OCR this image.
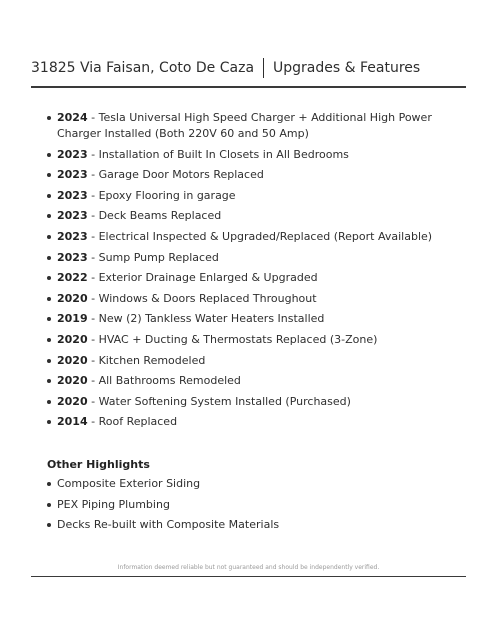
31825 Via Faisan, Coto De Caza Upgrades & Features
2024 - Tesla Universal High Speed Charger + Additional High Power Charger Installed (Both 220V 60 and 50 Amp)
2023 - Installation of Built In Closets in All Bedrooms
2023 - Garage Door Motors Replaced
2023 - Epoxy Flooring in garage
2023 - Deck Beams Replaced
2023 - Electrical Inspected & Upgraded/Replaced (Report Available)
2023 - Sump Pump Replaced
2022 - Exterior Drainage Enlarged & Upgraded
2020 - Windows & Doors Replaced Throughout
2019 - New (2) Tankless Water Heaters Installed
2020 - HVAC + Ducting & Thermostats Replaced (3-Zone)
2020 - Kitchen Remodeled
2020 - All Bathrooms Remodeled
2020 - Water Softening System Installed (Purchased)
2014 - Roof Replaced
Other Highlights
Composite Exterior Siding
PEX Piping Plumbing
Decks Re-built with Composite Materials
Information deemed reliable but not guaranteed and should be independently verified.
